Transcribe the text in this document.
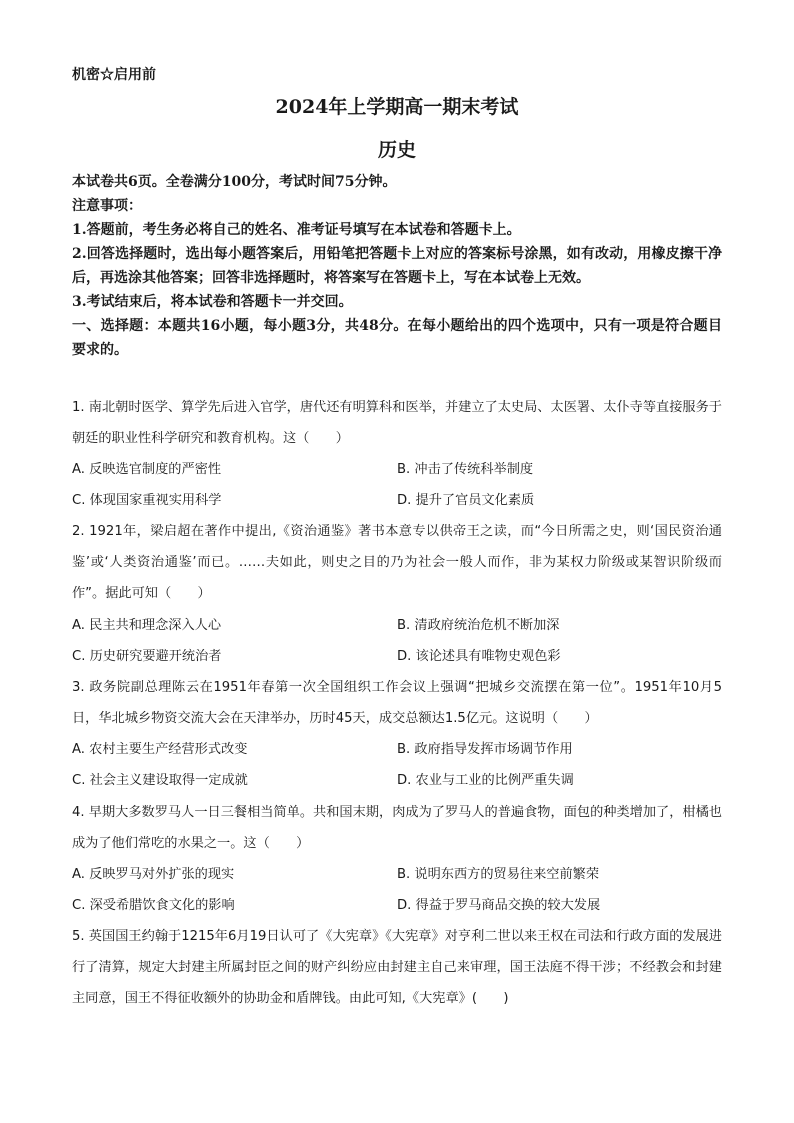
机密☆启用前
2024年上学期高一期末考试
历史
本试卷共6页。全卷满分100分，考试时间75分钟。
注意事项：
1.答题前，考生务必将自己的姓名、准考证号填写在本试卷和答题卡上。
2.回答选择题时，选出每小题答案后，用铅笔把答题卡上对应的答案标号涂黑，如有改动，用橡皮擦干净后，再选涂其他答案；回答非选择题时，将答案写在答题卡上，写在本试卷上无效。
3.考试结束后，将本试卷和答题卡一并交回。
一、选择题：本题共16小题，每小题3分，共48分。在每小题给出的四个选项中，只有一项是符合题目要求的。
1. 南北朝时医学、算学先后进入官学，唐代还有明算科和医举，并建立了太史局、太医署、太仆寺等直接服务于朝廷的职业性科学研究和教育机构。这（　　）
A. 反映选官制度的严密性	B. 冲击了传统科举制度
C. 体现国家重视实用科学	D. 提升了官员文化素质
2. 1921年，梁启超在著作中提出,《资治通鉴》著书本意专以供帝王之读，而“今日所需之史，则‘国民资治通鉴’或‘人类资治通鉴’而已。……夫如此，则史之目的乃为社会一般人而作，非为某权力阶级或某智识阶级而作”。据此可知（　　）
A. 民主共和理念深入人心	B. 清政府统治危机不断加深
C. 历史研究要避开统治者	D. 该论述具有唯物史观色彩
3. 政务院副总理陈云在1951年春第一次全国组织工作会议上强调“把城乡交流摆在第一位”。1951年10月5日，华北城乡物资交流大会在天津举办，历时45天，成交总额达1.5亿元。这说明（　　）
A. 农村主要生产经营形式改变	B. 政府指导发挥市场调节作用
C. 社会主义建设取得一定成就	D. 农业与工业的比例严重失调
4. 早期大多数罗马人一日三餐相当简单。共和国末期，肉成为了罗马人的普遍食物，面包的种类增加了，柑橘也成为了他们常吃的水果之一。这（　　）
A. 反映罗马对外扩张的现实	B. 说明东西方的贸易往来空前繁荣
C. 深受希腊饮食文化的影响	D. 得益于罗马商品交换的较大发展
5. 英国国王约翰于1215年6月19日认可了《大宪章》《大宪章》对亨利二世以来王权在司法和行政方面的发展进行了清算，规定大封建主所属封臣之间的财产纠纷应由封建主自己来审理，国王法庭不得干涉；不经教会和封建主同意，国王不得征收额外的协助金和盾牌钱。由此可知,《大宪章》(　　)
